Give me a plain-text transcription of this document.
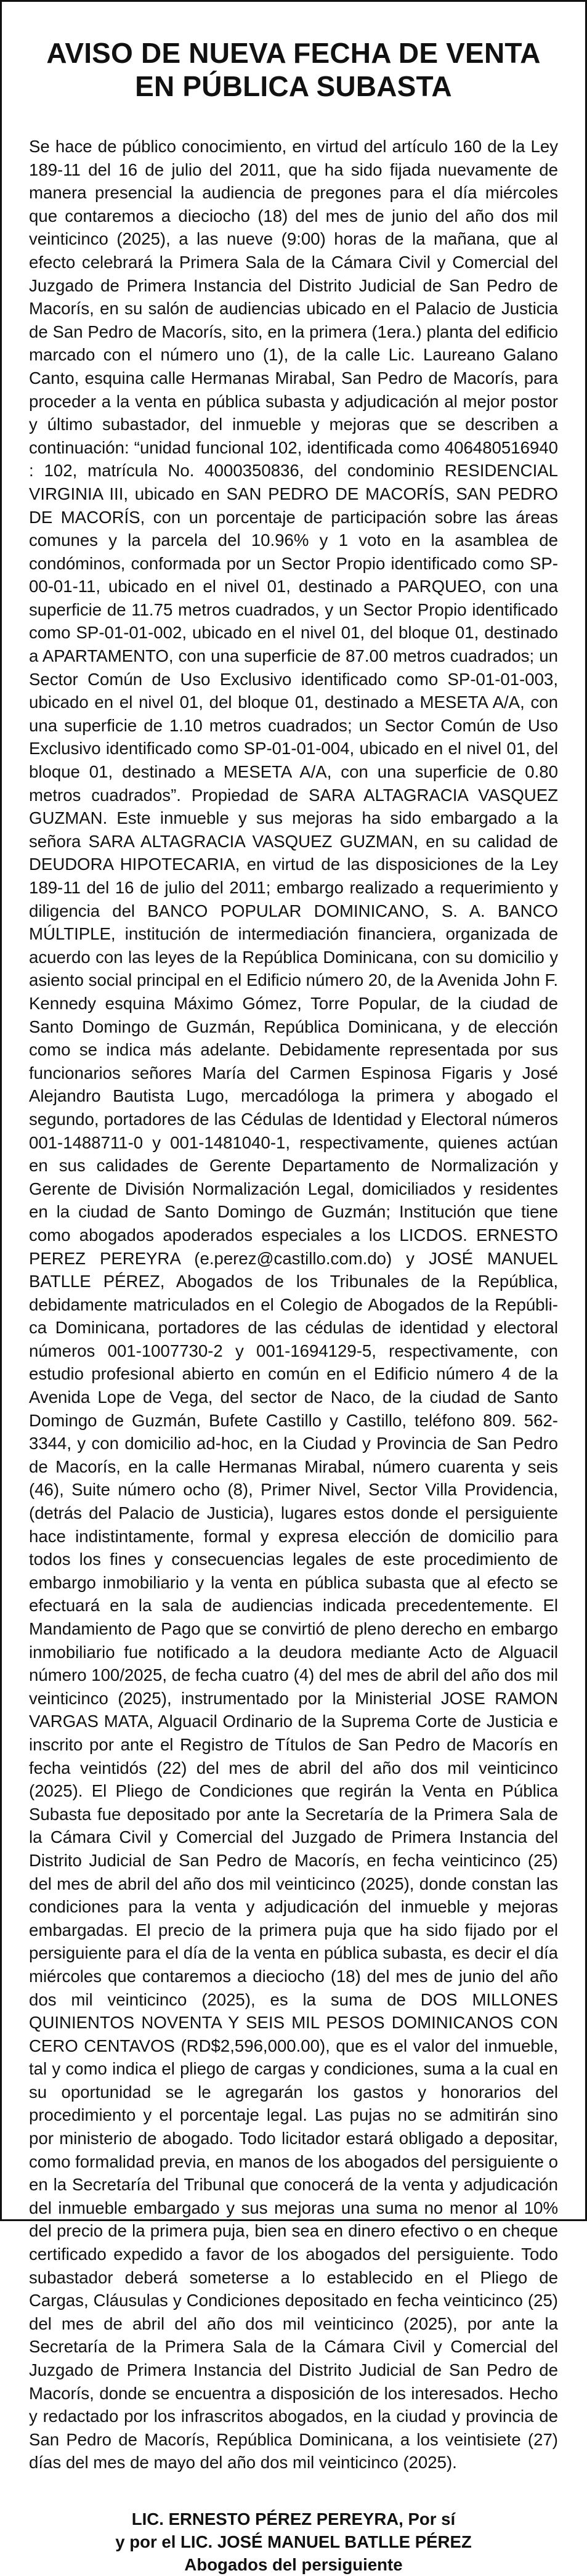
AVISO DE NUEVA FECHA DE VENTA
EN PÚBLICA SUBASTA

Se hace de público conocimiento, en virtud del artículo 160 de la Ley 189-11 del 16 de julio del 2011, que ha sido fijada nuevamente de manera presencial la audiencia de pregones para el día miércoles que contaremos a dieciocho (18) del mes de junio del año dos mil veinticinco (2025), a las nueve (9:00) horas de la mañana, que al efecto celebrará la Primera Sala de la Cámara Civil y Comercial del Juzgado de Primera Instancia del Distrito Judicial de San Pedro de Macorís, en su salón de audiencias ubicado en el Palacio de Justicia de San Pedro de Macorís, sito, en la primera (1era.) planta del edificio marcado con el número uno (1), de la calle Lic. Laureano Galano Canto, esquina calle Hermanas Mirabal, San Pedro de Macorís, para proceder a la venta en pública subasta y adjudicación al mejor postor y último subastador, del inmueble y mejoras que se describen a continuación: “unidad funcional 102, identificada como 406480516940 : 102, matrícula No. 4000350836, del condominio RESIDENCIAL VIRGINIA III, ubicado en SAN PEDRO DE MACORÍS, SAN PEDRO DE MACORÍS, con un porcentaje de participación sobre las áreas comunes y la parcela del 10.96% y 1 voto en la asamblea de condóminos, conformada por un Sector Propio identificado como SP-00-01-11, ubicado en el nivel 01, destinado a PARQUEO, con una superficie de 11.75 metros cuadrados, y un Sector Propio identificado como SP-01-01-002, ubicado en el nivel 01, del bloque 01, destinado a APARTAMENTO, con una superficie de 87.00 metros cuadrados; un Sector Común de Uso Exclusivo identificado como SP-01-01-003, ubicado en el nivel 01, del bloque 01, destinado a MESETA A/A, con una superficie de 1.10 metros cuadrados; un Sector Común de Uso Exclusivo identificado como SP-01-01-004, ubicado en el nivel 01, del bloque 01, destinado a MESETA A/A, con una superficie de 0.80 metros cuadrados”. Propiedad de SARA ALTAGRACIA VASQUEZ GUZMAN. Este inmueble y sus mejoras ha sido embargado a la señora SARA ALTAGRACIA VASQUEZ GUZMAN, en su calidad de DEUDORA HIPOTECARIA, en virtud de las disposiciones de la Ley 189-11 del 16 de julio del 2011; embargo realizado a requerimiento y diligencia del BANCO POPULAR DOMINICANO, S. A. BANCO MÚLTIPLE, institución de intermediación financiera, organizada de acuerdo con las leyes de la República Dominicana, con su domicilio y asiento social principal en el Edificio número 20, de la Avenida John F. Kennedy esquina Máximo Gómez, Torre Popular, de la ciudad de Santo Domingo de Guzmán, República Dominicana, y de elección como se indica más adelante. Debidamente representada por sus funcionarios señores María del Carmen Espinosa Figaris y José Alejandro Bautista Lugo, mercadóloga la primera y abogado el segundo, portadores de las Cédulas de Identidad y Electoral números 001-1488711-0 y 001-1481040-1, respectivamente, quienes actúan en sus calidades de Gerente Departamento de Normalización y Gerente de División Normalización Legal, domiciliados y residentes en la ciudad de Santo Domingo de Guzmán; Institución que tiene como abogados apoderados especiales a los LICDOS. ERNESTO PEREZ PEREYRA (e.perez@castillo.com.do) y JOSÉ MANUEL BATLLE PÉREZ, Abogados de los Tribunales de la República, debidamente matriculados en el Colegio de Abogados de la República Dominicana, portadores de las cédulas de identidad y electoral números 001-1007730-2 y 001-1694129-5, respectivamente, con estudio profesional abierto en común en el Edificio número 4 de la Avenida Lope de Vega, del sector de Naco, de la ciudad de Santo Domingo de Guzmán, Bufete Castillo y Castillo, teléfono 809. 562-3344, y con domicilio ad-hoc, en la Ciudad y Provincia de San Pedro de Macorís, en la calle Hermanas Mirabal, número cuarenta y seis (46), Suite número ocho (8), Primer Nivel, Sector Villa Providencia, (detrás del Palacio de Justicia), lugares estos donde el persiguiente hace indistintamente, formal y expresa elección de domicilio para todos los fines y consecuencias legales de este procedimiento de embargo inmobiliario y la venta en pública subasta que al efecto se efectuará en la sala de audiencias indicada precedentemente. El Mandamiento de Pago que se convirtió de pleno derecho en embargo inmobiliario fue notificado a la deudora mediante Acto de Alguacil número 100/2025, de fecha cuatro (4) del mes de abril del año dos mil veinticinco (2025), instrumentado por la Ministerial JOSE RAMON VARGAS MATA, Alguacil Ordinario de la Suprema Corte de Justicia e inscrito por ante el Registro de Títulos de San Pedro de Macorís en fecha veintidós (22) del mes de abril del año dos mil veinticinco (2025). El Pliego de Condiciones que regirán la Venta en Pública Subasta fue depositado por ante la Secretaría de la Primera Sala de la Cámara Civil y Comercial del Juzgado de Primera Instancia del Distrito Judicial de San Pedro de Macorís, en fecha veinticinco (25) del mes de abril del año dos mil veinticinco (2025), donde constan las condiciones para la venta y adjudicación del inmueble y mejoras embargadas. El precio de la primera puja que ha sido fijado por el persiguiente para el día de la venta en pública subasta, es decir el día miércoles que contaremos a dieciocho (18) del mes de junio del año dos mil veinticinco (2025), es la suma de DOS MILLONES QUINIENTOS NOVENTA Y SEIS MIL PESOS DOMINICANOS CON CERO CENTAVOS (RD$2,596,000.00), que es el valor del inmueble, tal y como indica el pliego de cargas y condiciones, suma a la cual en su oportunidad se le agregarán los gastos y honorarios del procedimiento y el porcentaje legal. Las pujas no se admitirán sino por ministerio de abogado. Todo licitador estará obligado a depositar, como formalidad previa, en manos de los abogados del persiguiente o en la Secretaría del Tribunal que conocerá de la venta y adjudicación del inmueble embargado y sus mejoras una suma no menor al 10% del precio de la primera puja, bien sea en dinero efectivo o en cheque certificado expedido a favor de los abogados del persiguiente. Todo subastador deberá someterse a lo establecido en el Pliego de Cargas, Cláusulas y Condiciones depositado en fecha veinticinco (25) del mes de abril del año dos mil veinticinco (2025), por ante la Secretaría de la Primera Sala de la Cámara Civil y Comercial del Juzgado de Primera Instancia del Distrito Judicial de San Pedro de Macorís, donde se encuentra a disposición de los interesados. Hecho y redactado por los infrascritos abogados, en la ciudad y provincia de San Pedro de Macorís, República Dominicana, a los veintisiete (27) días del mes de mayo del año dos mil veinticinco (2025).

LIC. ERNESTO PÉREZ PEREYRA, Por sí
y por el LIC. JOSÉ MANUEL BATLLE PÉREZ
Abogados del persiguiente
